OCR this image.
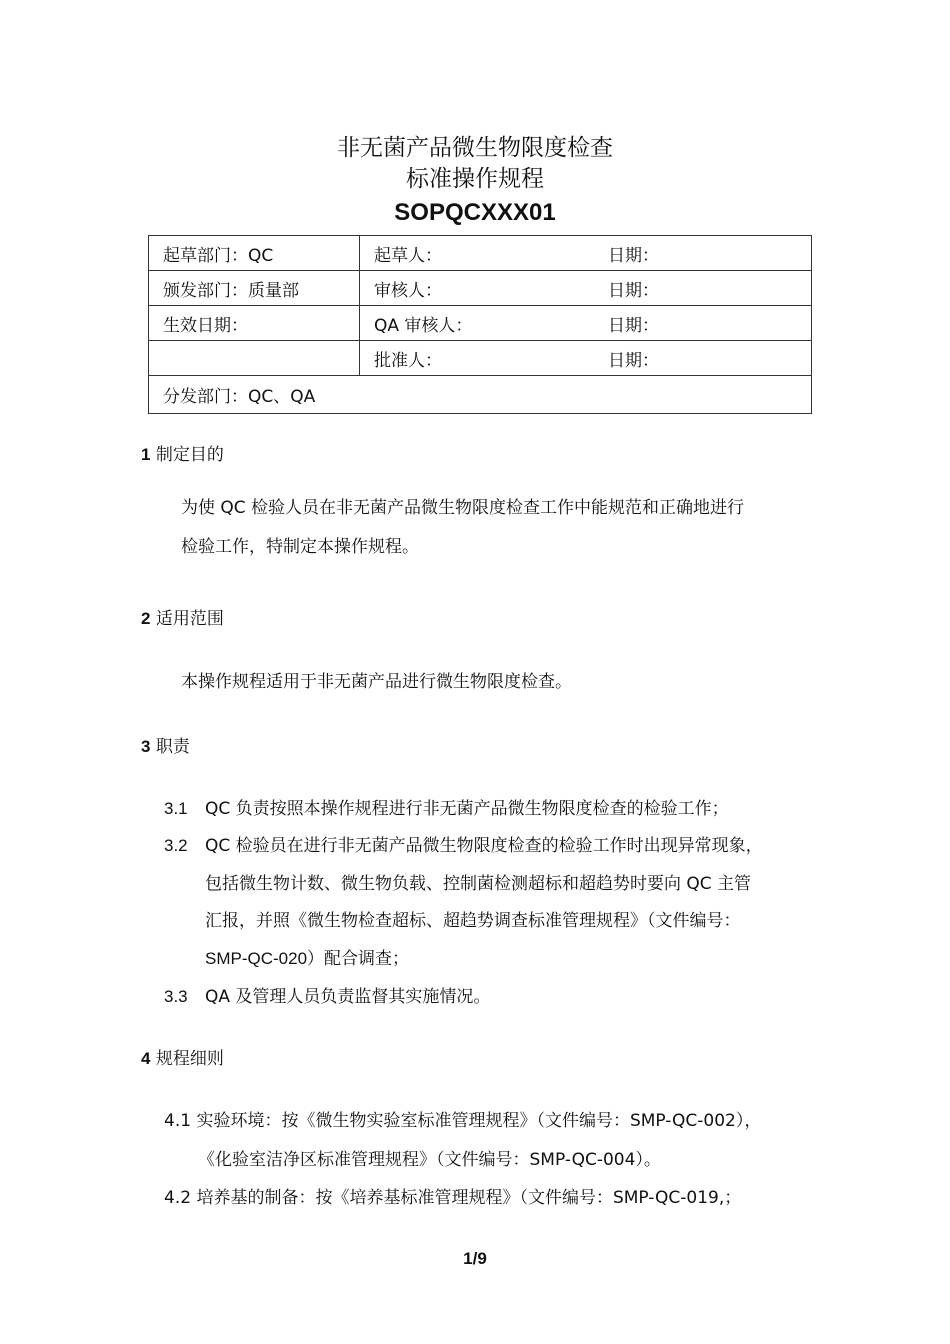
非无菌产品微生物限度检查
标准操作规程
SOPQCXXX01
起草部门：QC	起草人：	日期：
颁发部门：质量部	审核人：	日期：
生效日期：	QA 审核人：	日期：
	批准人：	日期：
分发部门：QC、QA		
1 制定目的
为使 QC 检验人员在非无菌产品微生物限度检查工作中能规范和正确地进行
检验工作，特制定本操作规程。
2 适用范围
本操作规程适用于非无菌产品进行微生物限度检查。
3 职责
3.1 QC 负责按照本操作规程进行非无菌产品微生物限度检查的检验工作；
3.2 QC 检验员在进行非无菌产品微生物限度检查的检验工作时出现异常现象，
包括微生物计数、微生物负载、控制菌检测超标和超趋势时要向 QC 主管
汇报，并照《微生物检查超标、超趋势调查标准管理规程》（文件编号：
SMP-QC-020）配合调查；
3.3 QA 及管理人员负责监督其实施情况。
4 规程细则
4.1 实验环境：按《微生物实验室标准管理规程》（文件编号：SMP-QC-002），
《化验室洁净区标准管理规程》（文件编号：SMP-QC-004）。
4.2 培养基的制备：按《培养基标准管理规程》（文件编号：SMP-QC-019,；
1/9
